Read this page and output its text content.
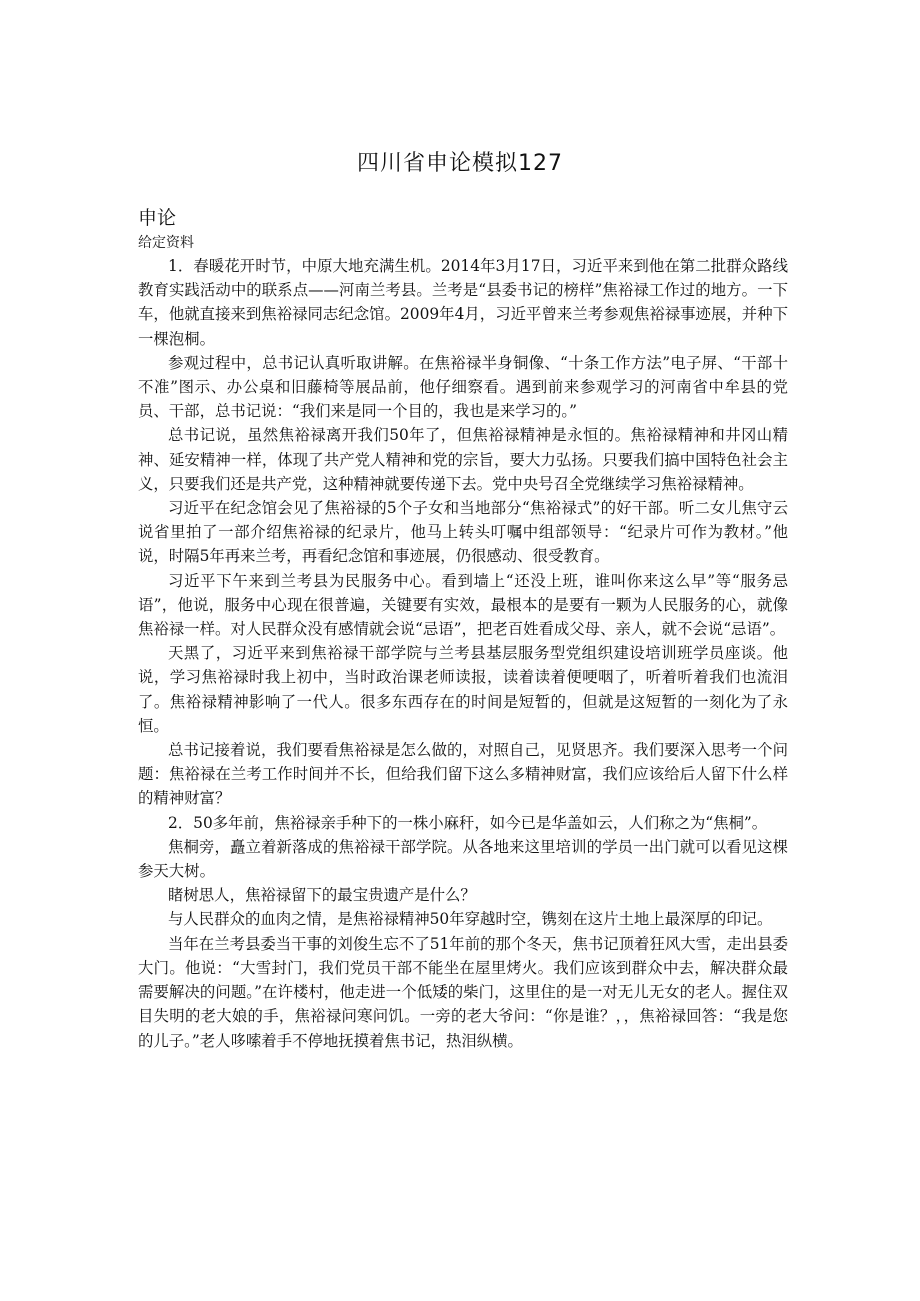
四川省申论模拟127
申论
给定资料

1．春暖花开时节，中原大地充满生机。2014年3月17日，习近平来到他在第二批群众路线教育实践活动中的联系点——河南兰考县。兰考是“县委书记的榜样”焦裕禄工作过的地方。一下车，他就直接来到焦裕禄同志纪念馆。2009年4月，习近平曾来兰考参观焦裕禄事迹展，并种下一棵泡桐。

参观过程中，总书记认真听取讲解。在焦裕禄半身铜像、“十条工作方法”电子屏、“干部十不准”图示、办公桌和旧藤椅等展品前，他仔细察看。遇到前来参观学习的河南省中牟县的党员、干部，总书记说：“我们来是同一个目的，我也是来学习的。”

总书记说，虽然焦裕禄离开我们50年了，但焦裕禄精神是永恒的。焦裕禄精神和井冈山精神、延安精神一样，体现了共产党人精神和党的宗旨，要大力弘扬。只要我们搞中国特色社会主义，只要我们还是共产党，这种精神就要传递下去。党中央号召全党继续学习焦裕禄精神。

习近平在纪念馆会见了焦裕禄的5个子女和当地部分“焦裕禄式”的好干部。听二女儿焦守云说省里拍了一部介绍焦裕禄的纪录片，他马上转头叮嘱中组部领导：“纪录片可作为教材。”他说，时隔5年再来兰考，再看纪念馆和事迹展，仍很感动、很受教育。

习近平下午来到兰考县为民服务中心。看到墙上“还没上班，谁叫你来这么早”等“服务忌语”，他说，服务中心现在很普遍，关键要有实效，最根本的是要有一颗为人民服务的心，就像焦裕禄一样。对人民群众没有感情就会说“忌语”，把老百姓看成父母、亲人，就不会说“忌语”。

天黑了，习近平来到焦裕禄干部学院与兰考县基层服务型党组织建设培训班学员座谈。他说，学习焦裕禄时我上初中，当时政治课老师读报，读着读着便哽咽了，听着听着我们也流泪了。焦裕禄精神影响了一代人。很多东西存在的时间是短暂的，但就是这短暂的一刻化为了永恒。

总书记接着说，我们要看焦裕禄是怎么做的，对照自己，见贤思齐。我们要深入思考一个问题：焦裕禄在兰考工作时间并不长，但给我们留下这么多精神财富，我们应该给后人留下什么样的精神财富？

2．50多年前，焦裕禄亲手种下的一株小麻秆，如今已是华盖如云，人们称之为“焦桐”。

焦桐旁，矗立着新落成的焦裕禄干部学院。从各地来这里培训的学员一出门就可以看见这棵参天大树。

睹树思人，焦裕禄留下的最宝贵遗产是什么？

与人民群众的血肉之情，是焦裕禄精神50年穿越时空，镌刻在这片土地上最深厚的印记。

当年在兰考县委当干事的刘俊生忘不了51年前的那个冬天，焦书记顶着狂风大雪，走出县委大门。他说：“大雪封门，我们党员干部不能坐在屋里烤火。我们应该到群众中去，解决群众最需要解决的问题。”在许楼村，他走进一个低矮的柴门，这里住的是一对无儿无女的老人。握住双目失明的老大娘的手，焦裕禄问寒问饥。一旁的老大爷问：“你是谁？，，焦裕禄回答：“我是您的儿子。”老人哆嗦着手不停地抚摸着焦书记，热泪纵横。
